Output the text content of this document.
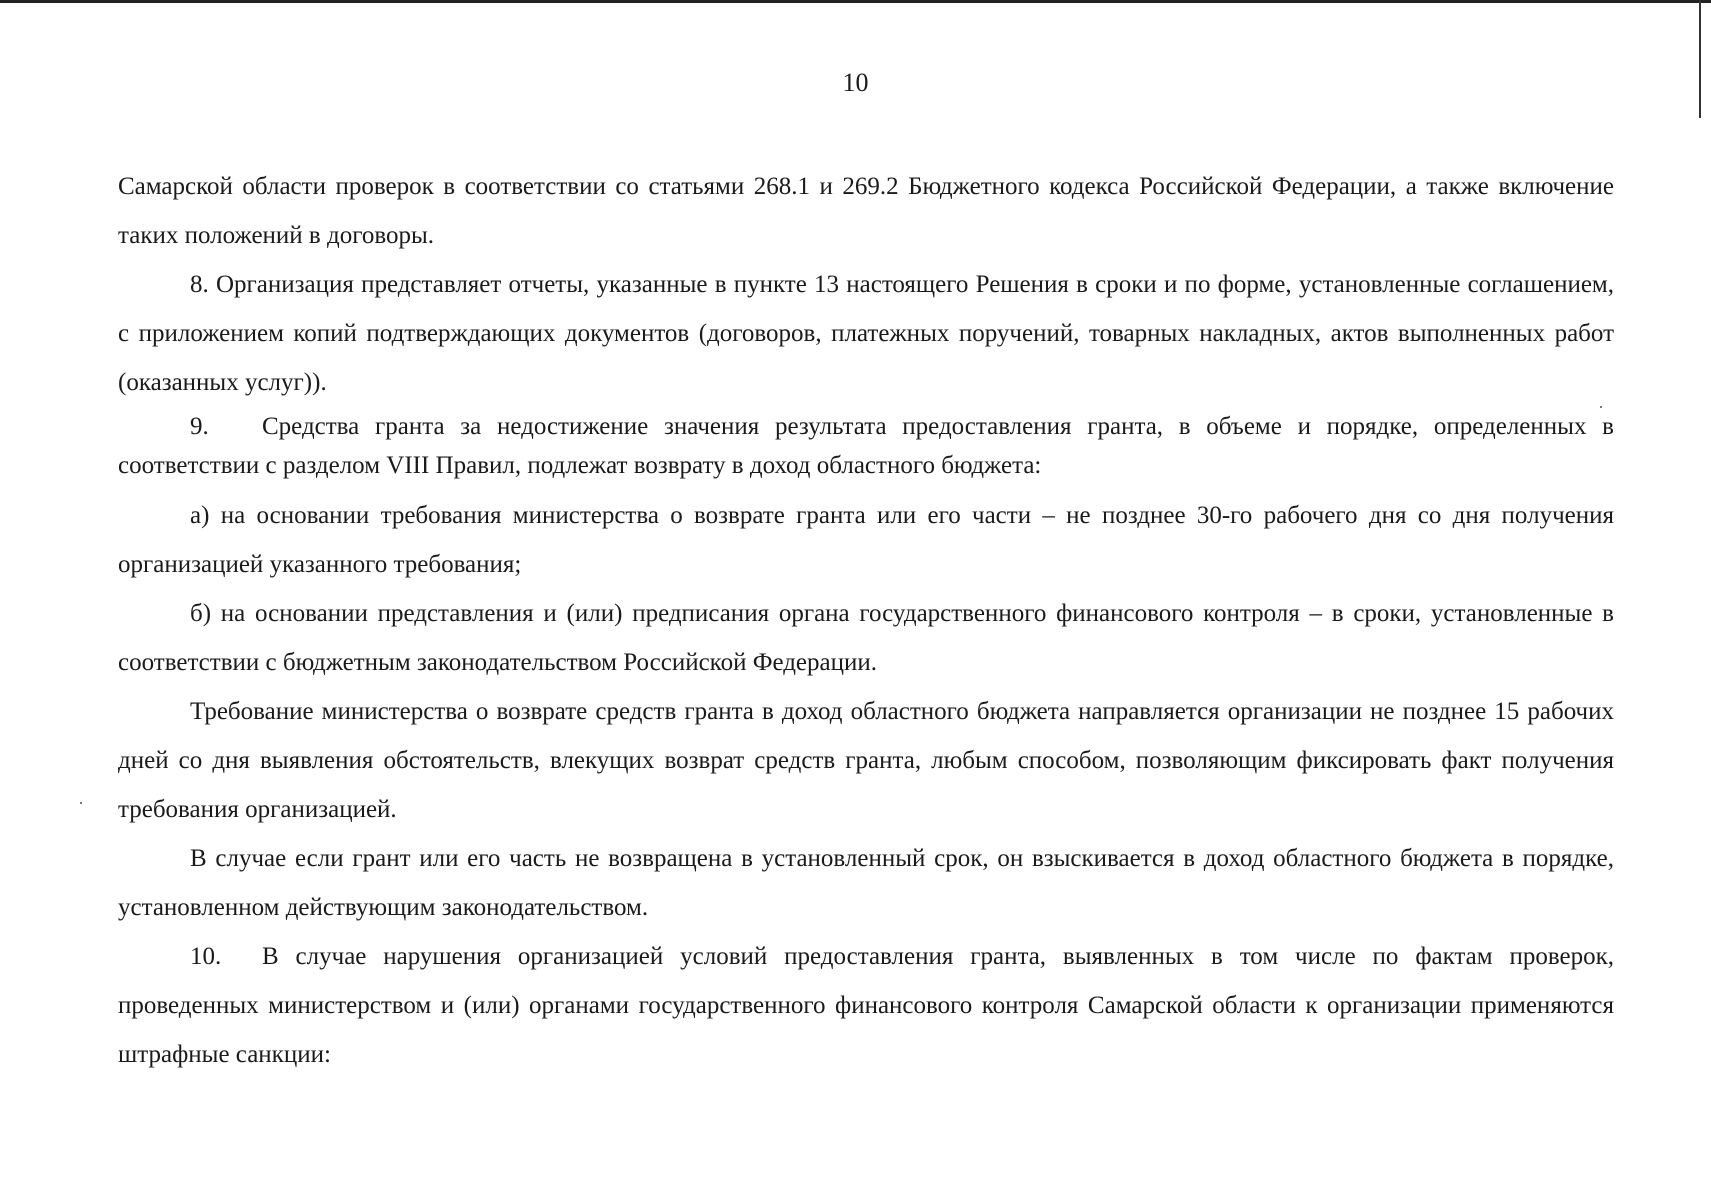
10

Самарской области проверок в соответствии со статьями 268.1 и 269.2 Бюджетного кодекса Российской Федерации, а также включение таких положений в договоры.

8. Организация представляет отчеты, указанные в пункте 13 настоящего Решения в сроки и по форме, установленные соглашением, с приложением копий подтверждающих документов (договоров, платежных поручений, товарных накладных, актов выполненных работ (оказанных услуг)).

9. Средства гранта за недостижение значения результата предоставления гранта, в объеме и порядке, определенных в соответствии с разделом VIII Правил, подлежат возврату в доход областного бюджета:

а) на основании требования министерства о возврате гранта или его части – не позднее 30-го рабочего дня со дня получения организацией указанного требования;

б) на основании представления и (или) предписания органа государственного финансового контроля – в сроки, установленные в соответствии с бюджетным законодательством Российской Федерации.

Требование министерства о возврате средств гранта в доход областного бюджета направляется организации не позднее 15 рабочих дней со дня выявления обстоятельств, влекущих возврат средств гранта, любым способом, позволяющим фиксировать факт получения требования организацией.

В случае если грант или его часть не возвращена в установленный срок, он взыскивается в доход областного бюджета в порядке, установленном действующим законодательством.

10. В случае нарушения организацией условий предоставления гранта, выявленных в том числе по фактам проверок, проведенных министерством и (или) органами государственного финансового контроля Самарской области к организации применяются штрафные санкции:
